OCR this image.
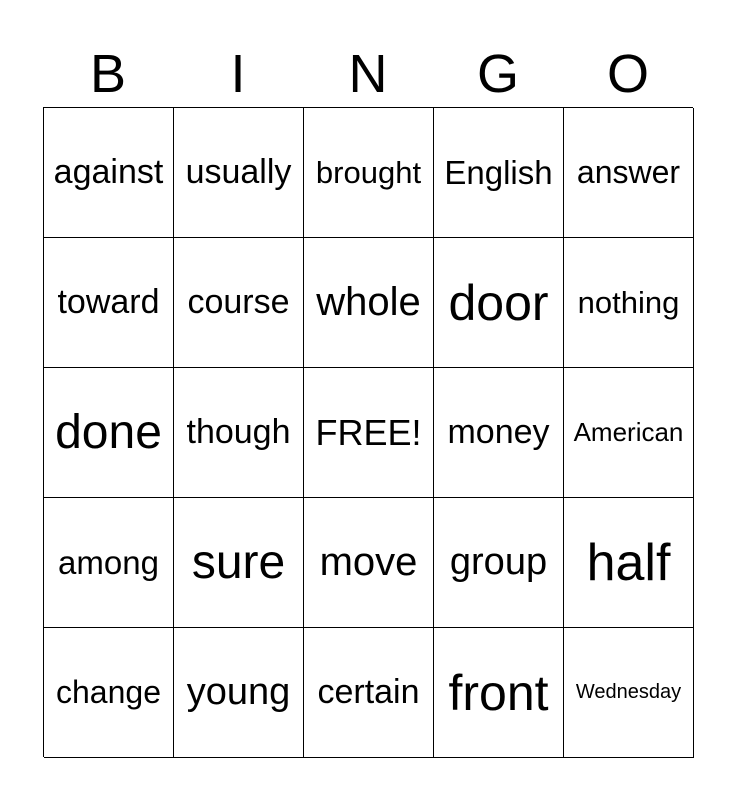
B	I	N	G	O
against usually brought English answer
toward course whole door nothing
done though FREE! money American
among sure move group half
change young certain front Wednesday
